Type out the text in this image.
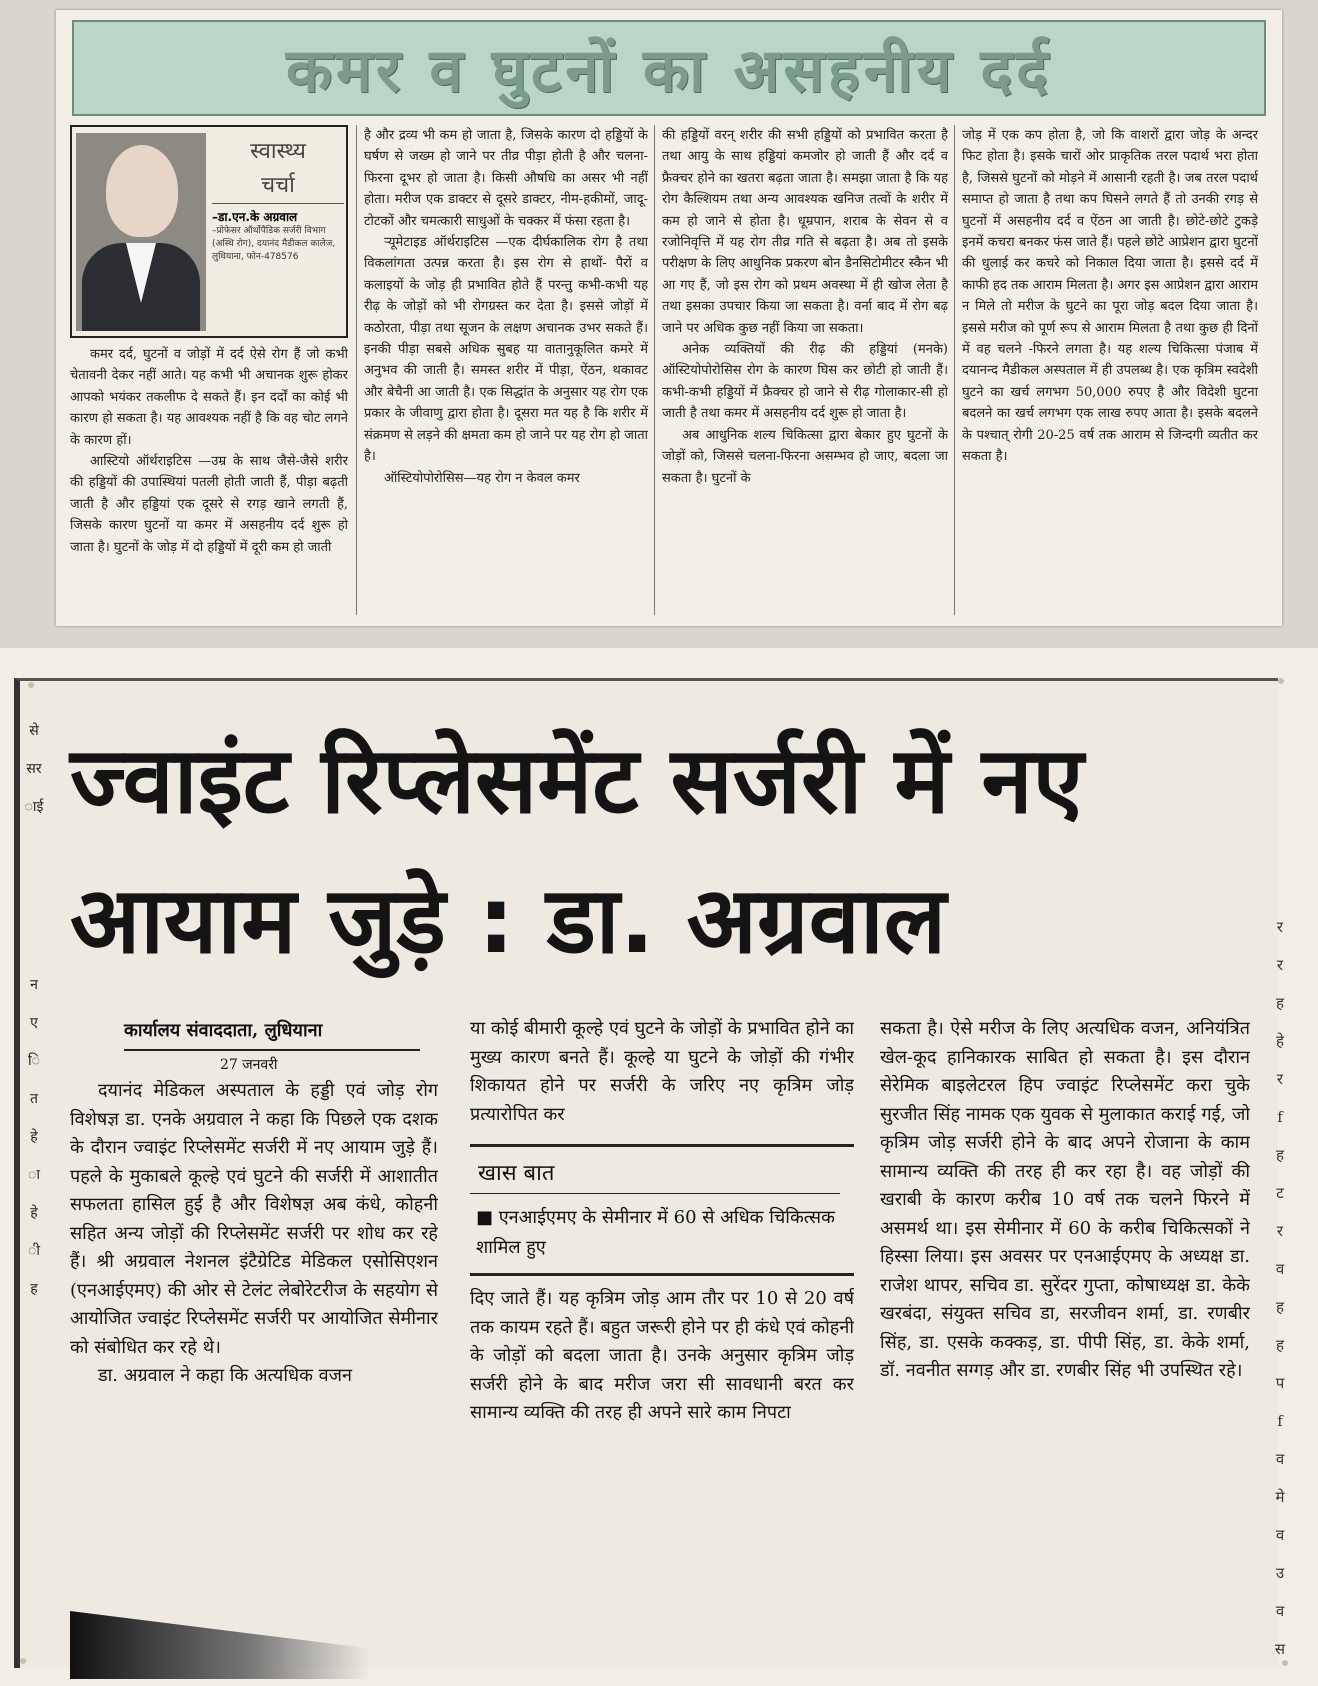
कमर व घुटनों का असहनीय दर्द
स्वास्थ्य
चर्चा
–डा.एन.के अग्रवाल
–प्रोफेसर ऑर्थोपैडिक सर्जरी विभाग (अस्थि रोग), दयानंद मैडीकल कालेज, लुधियाना, फोन-478576

कमर दर्द, घुटनों व जोड़ों में दर्द ऐसे रोग हैं जो कभी चेतावनी देकर नहीं आते। यह कभी भी अचानक शुरू होकर आपको भयंकर तकलीफ दे सकते हैं। इन दर्दों का कोई भी कारण हो सकता है। यह आवश्यक नहीं है कि वह चोट लगने के कारण हों।

आस्टियो ऑर्थराइटिस —उम्र के साथ जैसे-जैसे शरीर की हड्डियों की उपास्थियां पतली होती जाती हैं, पीड़ा बढ़ती जाती है और हड्डियां एक दूसरे से रगड़ खाने लगती हैं, जिसके कारण घुटनों या कमर में असहनीय दर्द शुरू हो जाता है। घुटनों के जोड़ में दो हड्डियों में दूरी कम हो जाती

है और द्रव्य भी कम हो जाता है, जिसके कारण दो हड्डियों के घर्षण से जख्म हो जाने पर तीव्र पीड़ा होती है और चलना-फिरना दूभर हो जाता है। किसी औषधि का असर भी नहीं होता। मरीज एक डाक्टर से दूसरे डाक्टर, नीम-हकीमों, जादू-टोटकों और चमत्कारी साधुओं के चक्कर में फंसा रहता है।

र्‍यूमेटाइड ऑर्थराइटिस —एक दीर्घकालिक रोग है तथा विकलांगता उत्पन्न करता है। इस रोग से हाथों- पैरों व कलाइयों के जोड़ ही प्रभावित होते हैं परन्तु कभी-कभी यह रीढ़ के जोड़ों को भी रोगग्रस्त कर देता है। इससे जोड़ों में कठोरता, पीड़ा तथा सूजन के लक्षण अचानक उभर सकते हैं। इनकी पीड़ा सबसे अधिक सुबह या वातानुकूलित कमरे में अनुभव की जाती है। समस्त शरीर में पीड़ा, ऐंठन, थकावट और बेचैनी आ जाती है। एक सिद्धांत के अनुसार यह रोग एक प्रकार के जीवाणु द्वारा होता है। दूसरा मत यह है कि शरीर में संक्रमण से लड़ने की क्षमता कम हो जाने पर यह रोग हो जाता है।

ऑस्टियोपोरोसिस—यह रोग न केवल कमर

की हड्डियों वरन् शरीर की सभी हड्डियों को प्रभावित करता है तथा आयु के साथ हड्डियां कमजोर हो जाती हैं और दर्द व फ्रैक्चर होने का खतरा बढ़ता जाता है। समझा जाता है कि यह रोग कैल्शियम तथा अन्य आवश्यक खनिज तत्वों के शरीर में कम हो जाने से होता है। धूम्रपान, शराब के सेवन से व रजोनिवृत्ति में यह रोग तीव्र गति से बढ़ता है। अब तो इसके परीक्षण के लिए आधुनिक प्रकरण बोन डैनसिटोमीटर स्कैन भी आ गए हैं, जो इस रोग को प्रथम अवस्था में ही खोज लेता है तथा इसका उपचार किया जा सकता है। वर्ना बाद में रोग बढ़ जाने पर अधिक कुछ नहीं किया जा सकता।

अनेक व्यक्तियों की रीढ़ की हड्डियां (मनके) ऑस्टियोपोरोसिस रोग के कारण घिस कर छोटी हो जाती हैं। कभी-कभी हड्डियों में फ्रैक्चर हो जाने से रीढ़ गोलाकार-सी हो जाती है तथा कमर में असहनीय दर्द शुरू हो जाता है।

अब आधुनिक शल्य चिकित्सा द्वारा बेकार हुए घुटनों के जोड़ों को, जिससे चलना-फिरना असम्भव हो जाए, बदला जा सकता है। घुटनों के

जोड़ में एक कप होता है, जो कि वाशरों द्वारा जोड़ के अन्दर फिट होता है। इसके चारों ओर प्राकृतिक तरल पदार्थ भरा होता है, जिससे घुटनों को मोड़ने में आसानी रहती है। जब तरल पदार्थ समाप्त हो जाता है तथा कप घिसने लगते हैं तो उनकी रगड़ से घुटनों में असहनीय दर्द व ऐंठन आ जाती है। छोटे-छोटे टुकड़े इनमें कचरा बनकर फंस जाते हैं। पहले छोटे आप्रेशन द्वारा घुटनों की धुलाई कर कचरे को निकाल दिया जाता है। इससे दर्द में काफी हद तक आराम मिलता है। अगर इस आप्रेशन द्वारा आराम न मिले तो मरीज के घुटने का पूरा जोड़ बदल दिया जाता है। इससे मरीज को पूर्ण रूप से आराम मिलता है तथा कुछ ही दिनों में वह चलने -फिरने लगता है। यह शल्य चिकित्सा पंजाब में दयानन्द मैडीकल अस्पताल में ही उपलब्ध है। एक कृत्रिम स्वदेशी घुटने का खर्च लगभग 50,000 रुपए है और विदेशी घुटना बदलने का खर्च लगभग एक लाख रुपए आता है। इसके बदलने के पश्चात् रोगी 20-25 वर्ष तक आराम से जिन्दगी व्यतीत कर सकता है।

ज्वाइंट रिप्लेसमेंट सर्जरी में नए
आयाम जुड़े : डा. अग्रवाल
कार्यालय संवाददाता, लुधियाना
27 जनवरी

दयानंद मेडिकल अस्पताल के हड्डी एवं जोड़ रोग विशेषज्ञ डा. एनके अग्रवाल ने कहा कि पिछले एक दशक के दौरान ज्वाइंट रिप्लेसमेंट सर्जरी में नए आयाम जुड़े हैं। पहले के मुकाबले कूल्हे एवं घुटने की सर्जरी में आशातीत सफलता हासिल हुई है और विशेषज्ञ अब कंधे, कोहनी सहित अन्य जोड़ों की रिप्लेसमेंट सर्जरी पर शोध कर रहे हैं। श्री अग्रवाल नेशनल इंटैग्रेटिड मेडिकल एसोसिएशन (एनआईएमए) की ओर से टेलंट लेबोरेटरीज के सहयोग से आयोजित ज्वाइंट रिप्लेसमेंट सर्जरी पर आयोजित सेमीनार को संबोधित कर रहे थे।

डा. अग्रवाल ने कहा कि अत्यधिक वजन

या कोई बीमारी कूल्हे एवं घुटने के जोड़ों के प्रभावित होने का मुख्य कारण बनते हैं। कूल्हे या घुटने के जोड़ों की गंभीर शिकायत होने पर सर्जरी के जरिए नए कृत्रिम जोड़ प्रत्यारोपित कर

खास बात
■ एनआईएमए के सेमीनार में 60 से अधिक चिकित्सक शामिल हुए

दिए जाते हैं। यह कृत्रिम जोड़ आम तौर पर 10 से 20 वर्ष तक कायम रहते हैं। बहुत जरूरी होने पर ही कंधे एवं कोहनी के जोड़ों को बदला जाता है। उनके अनुसार कृत्रिम जोड़ सर्जरी होने के बाद मरीज जरा सी सावधानी बरत कर सामान्य व्यक्ति की तरह ही अपने सारे काम निपटा

सकता है। ऐसे मरीज के लिए अत्यधिक वजन, अनियंत्रित खेल-कूद हानिकारक साबित हो सकता है। इस दौरान सेरेमिक बाइलेटरल हिप ज्वाइंट रिप्लेसमेंट करा चुके सुरजीत सिंह नामक एक युवक से मुलाकात कराई गई, जो कृत्रिम जोड़ सर्जरी होने के बाद अपने रोजाना के काम सामान्य व्यक्ति की तरह ही कर रहा है। वह जोड़ों की खराबी के कारण करीब 10 वर्ष तक चलने फिरने में असमर्थ था। इस सेमीनार में 60 के करीब चिकित्सकों ने हिस्सा लिया। इस अवसर पर एनआईएमए के अध्यक्ष डा. राजेश थापर, सचिव डा. सुरेंदर गुप्ता, कोषाध्यक्ष डा. केके खरबंदा, संयुक्त सचिव डा, सरजीवन शर्मा, डा. रणबीर सिंह, डा. एसके कक्कड़, डा. पीपी सिंह, डा. केके शर्मा, डॉ. नवनीत सग्गड़ और डा. रणबीर सिंह भी उपस्थित रहे।

से
सर
ाई
न
ए
ि
त
हे
ा
हे
ी
ह
र
र
ह
हे
र
f
ह
ट
र
व
ह
ह
प
f
व
मे
व
उ
व
स
